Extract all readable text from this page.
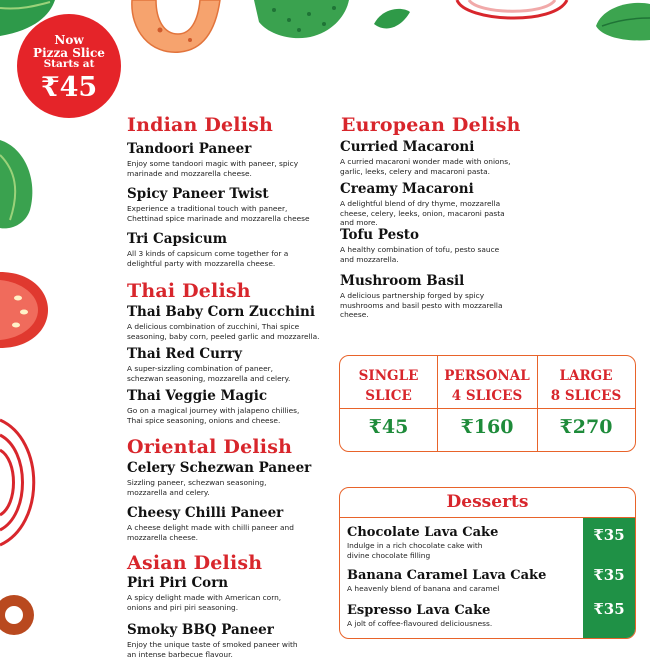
Now
Pizza Slice
Starts at
₹45
Indian Delish
Tandoori Paneer
Enjoy some tandoori magic with paneer, spicy marinade and mozzarella cheese.
Spicy Paneer Twist
Experience a traditional touch with paneer, Chettinad spice marinade and mozzarella cheese
Tri Capsicum
All 3 kinds of capsicum come together for a delightful party with mozzarella cheese.
Thai Delish
Thai Baby Corn Zucchini
A delicious combination of zucchini, Thai spice seasoning, baby corn, peeled garlic and mozzarella.
Thai Red Curry
A super-sizzling combination of paneer, schezwan seasoning, mozzarella and celery.
Thai Veggie Magic
Go on a magical journey with jalapeno chillies, Thai spice seasoning, onions and cheese.
Oriental Delish
Celery Schezwan Paneer
Sizzling paneer, schezwan seasoning, mozzarella and celery.
Cheesy Chilli Paneer
A cheese delight made with chilli paneer and mozzarella cheese.
Asian Delish
Piri Piri Corn
A spicy delight made with American corn, onions and piri piri seasoning.
Smoky BBQ Paneer
Enjoy the unique taste of smoked paneer with an intense barbecue flavour.
European Delish
Curried Macaroni
A curried macaroni wonder made with onions, garlic, leeks, celery and macaroni pasta.
Creamy Macaroni
A delightful blend of dry thyme, mozzarella cheese, celery, leeks, onion, macaroni pasta and more.
Tofu Pesto
A healthy combination of tofu, pesto sauce and mozzarella.
Mushroom Basil
A delicious partnership forged by spicy mushrooms and basil pesto with mozzarella cheese.
SINGLE
SLICE
₹45
PERSONAL
4 SLICES
₹160
LARGE
8 SLICES
₹270
Desserts
Chocolate Lava Cake
Indulge in a rich chocolate cake with divine chocolate filling
₹35
Banana Caramel Lava Cake
A heavenly blend of banana and caramel
₹35
Espresso Lava Cake
A jolt of coffee-flavoured deliciousness.
₹35
